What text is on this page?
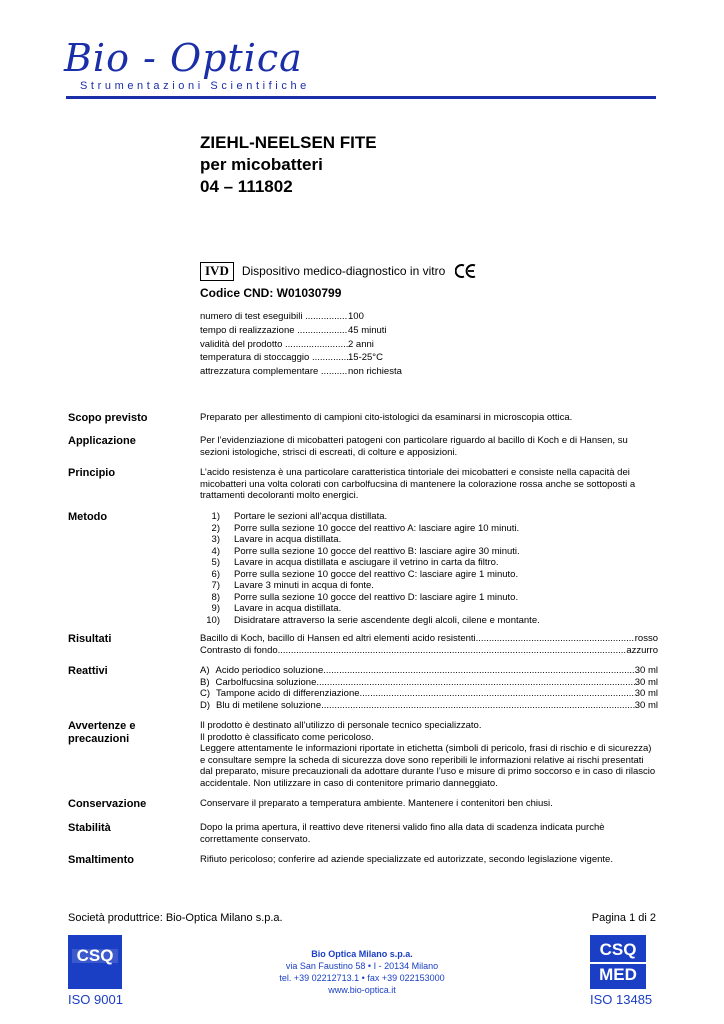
Bio - Optica
Strumentazioni Scientifiche
ZIEHL-NEELSEN FITE
per micobatteri
04 – 111802
IVD	Dispositivo medico-diagnostico in vitro
Codice CND: W01030799
numero di test eseguibili .....	100
tempo di realizzazione .....	45 minuti
validità del prodotto .....	2 anni
temperatura di stoccaggio .....	15-25°C
attrezzatura complementare .....	non richiesta
Scopo previsto	Preparato per allestimento di campioni cito-istologici da esaminarsi in microscopia ottica.
Applicazione	Per l’evidenziazione di micobatteri patogeni con particolare riguardo al bacillo di Koch e di Hansen, su sezioni istologiche, strisci di escreati, di colture e apposizioni.
Principio	L’acido resistenza è una particolare caratteristica tintoriale dei micobatteri e consiste nella capacità dei micobatteri una volta colorati con carbolfucsina di mantenere la colorazione rossa anche se sottoposti a trattamenti decoloranti molto energici.
Metodo	1)	Portare le sezioni all’acqua distillata.
2)	Porre sulla sezione 10 gocce del reattivo A: lasciare agire 10 minuti.
3)	Lavare in acqua distillata.
4)	Porre sulla sezione 10 gocce del reattivo B: lasciare agire 30 minuti.
5)	Lavare in acqua distillata e asciugare il vetrino in carta da filtro.
6)	Porre sulla sezione 10 gocce del reattivo C: lasciare agire 1 minuto.
7)	Lavare 3 minuti in acqua di fonte.
8)	Porre sulla sezione 10 gocce del reattivo D: lasciare agire 1 minuto.
9)	Lavare in acqua distillata.
10)	Disidratare attraverso la serie ascendente degli alcoli, cilene e montante.
Risultati	Bacillo di Koch, bacillo di Hansen ed altri elementi acido resistenti .....	rosso
Contrasto di fondo .....	azzurro
Reattivi	A) Acido periodico soluzione .....	30 ml
B) Carbolfucsina soluzione .....	30 ml
C) Tampone acido di differenziazione .....	30 ml
D) Blu di metilene soluzione .....	30 ml
Avvertenze e
precauzioni
Il prodotto è destinato all’utilizzo di personale tecnico specializzato.
Il prodotto è classificato come pericoloso.
Leggere attentamente le informazioni riportate in etichetta (simboli di pericolo, frasi di rischio e di sicurezza) e consultare sempre la scheda di sicurezza dove sono reperibili le informazioni relative ai rischi presentati dal preparato, misure precauzionali da adottare durante l’uso e misure di primo soccorso e in caso di rilascio accidentale. Non utilizzare in caso di contenitore primario danneggiato.
Conservazione	Conservare il preparato a temperatura ambiente. Mantenere i contenitori ben chiusi.
Stabilità	Dopo la prima apertura, il reattivo deve ritenersi valido fino alla data di scadenza indicata purchè correttamente conservato.
Smaltimento	Rifiuto pericoloso; conferire ad aziende specializzate ed autorizzate, secondo legislazione vigente.
Società produttrice: Bio-Optica Milano s.p.a.	Pagina 1 di 2
CSQ
ISO 9001
Bio Optica Milano s.p.a.
via San Faustino 58 • I - 20134 Milano
tel. +39 02212713.1 • fax +39 022153000
www.bio-optica.it
CSQ
MED
ISO 13485
